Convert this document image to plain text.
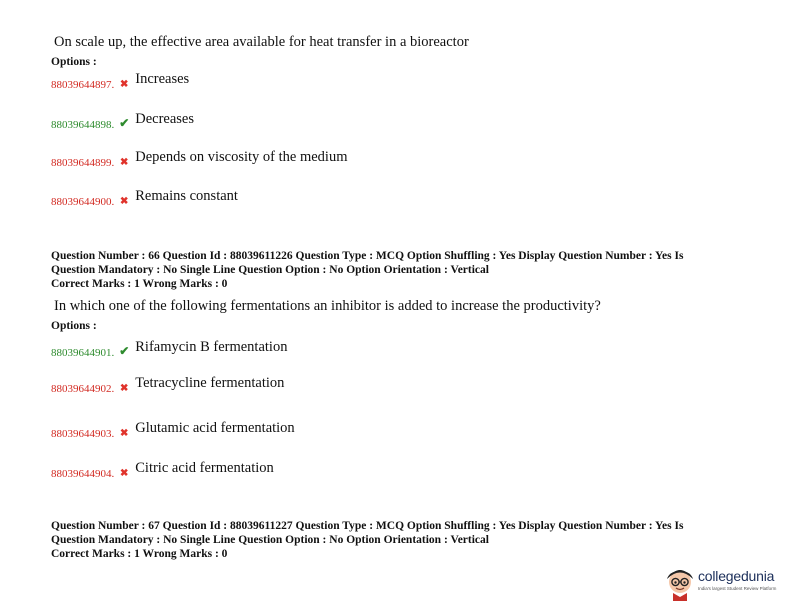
On scale up, the effective area available for heat transfer in a bioreactor
Options :
88039644897. ✖ Increases
88039644898. ✔ Decreases
88039644899. ✖ Depends on viscosity of the medium
88039644900. ✖ Remains constant
Question Number : 66 Question Id : 88039611226 Question Type : MCQ Option Shuffling : Yes Display Question Number : Yes Is
Question Mandatory : No Single Line Question Option : No Option Orientation : Vertical
Correct Marks : 1 Wrong Marks : 0
In which one of the following fermentations an inhibitor is added to increase the productivity?
Options :
88039644901. ✔ Rifamycin B fermentation
88039644902. ✖ Tetracycline fermentation
88039644903. ✖ Glutamic acid fermentation
88039644904. ✖ Citric acid fermentation
Question Number : 67 Question Id : 88039611227 Question Type : MCQ Option Shuffling : Yes Display Question Number : Yes Is
Question Mandatory : No Single Line Question Option : No Option Orientation : Vertical
Correct Marks : 1 Wrong Marks : 0
collegedunia
India's largest Student Review Platform
